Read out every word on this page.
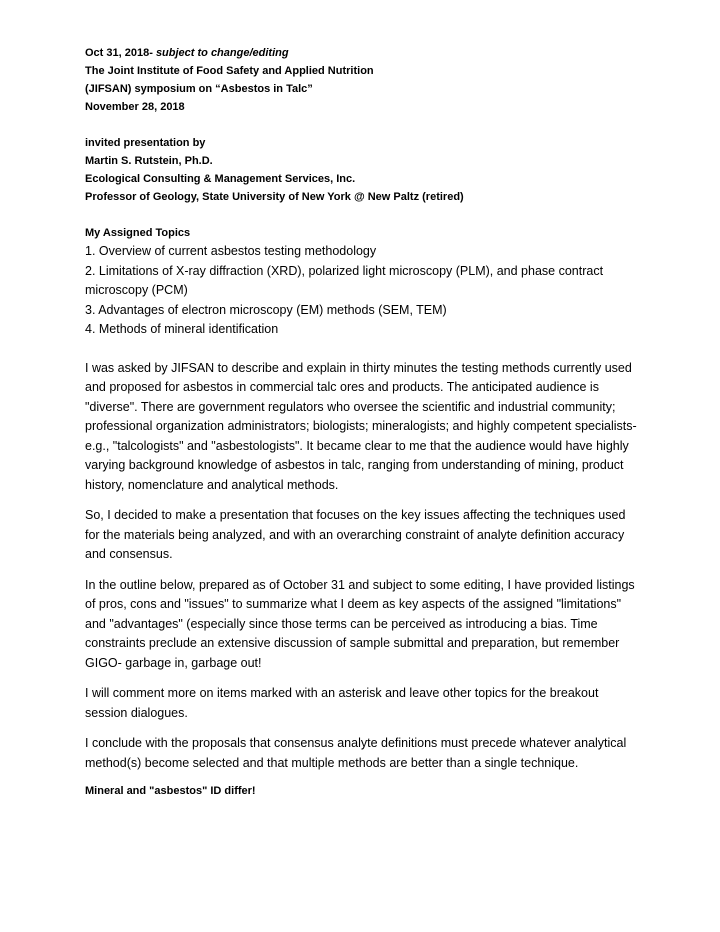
Oct 31, 2018- subject to change/editing
The Joint Institute of Food Safety and Applied Nutrition
(JIFSAN) symposium on “Asbestos in Talc”
November 28, 2018
invited presentation by
Martin S. Rutstein, Ph.D.
Ecological Consulting & Management Services, Inc.
Professor of Geology, State University of New York @ New Paltz (retired)
My Assigned Topics
1. Overview of current asbestos testing methodology
2. Limitations of X-ray diffraction (XRD), polarized light microscopy (PLM), and phase contract microscopy (PCM)
3. Advantages of electron microscopy (EM) methods (SEM, TEM)
4. Methods of mineral identification

I was asked by JIFSAN to describe and explain in thirty minutes the testing methods currently used and proposed for asbestos in commercial talc ores and products. The anticipated audience is "diverse". There are government regulators who oversee the scientific and industrial community; professional organization administrators; biologists; mineralogists; and highly competent specialists- e.g., "talcologists" and "asbestologists". It became clear to me that the audience would have highly varying background knowledge of asbestos in talc, ranging from understanding of mining, product history, nomenclature and analytical methods.

So, I decided to make a presentation that focuses on the key issues affecting the techniques used for the materials being analyzed, and with an overarching constraint of analyte definition accuracy and consensus.

In the outline below, prepared as of October 31 and subject to some editing, I have provided listings of pros, cons and "issues" to summarize what I deem as key aspects of the assigned "limitations" and "advantages" (especially since those terms can be perceived as introducing a bias. Time constraints preclude an extensive discussion of sample submittal and preparation, but remember GIGO- garbage in, garbage out!

I will comment more on items marked with an asterisk and leave other topics for the breakout session dialogues.

I conclude with the proposals that consensus analyte definitions must precede whatever analytical method(s) become selected and that multiple methods are better than a single technique.

Mineral and "asbestos" ID differ!
